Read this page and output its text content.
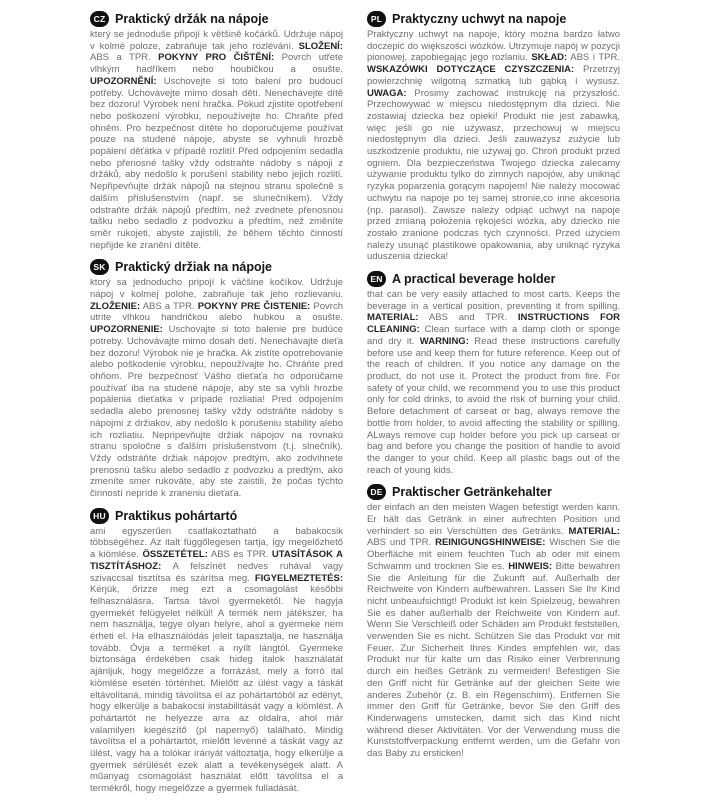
CZ Praktický držák na nápoje

který se jednoduše připojí k většině kočárků. Udržuje nápoj v kolmé poloze, zabraňuje tak jeho rozlévání. SLOŽENÍ: ABS a TPR. POKYNY PRO ČIŠTĚNÍ: Povrch utřete vlhkým hadříkem nebo houbičkou a osušte. UPOZORNĚNÍ: Uschovejte si toto balení pro budoucí potřeby. Uchovávejte mimo dosah dětí. Nenechávejte dítě bez dozoru! Výrobek není hračka. Pokud zjistíte opotřebení nebo poškození výrobku, nepoužívejte ho. Chraňte před ohněm. Pro bezpečnost dítěte ho doporučujeme používat pouze na studené nápoje, abyste se vyhnuli hrozbě popálení děťátka v případě rozlití! Před odpojením sedadla nebo přenosné tašky vždy odstraňte nádoby s nápoji z držáků, aby nedošlo k porušení stability nebo jejich rozlití. Nepřipevňujte držák nápojů na stejnou stranu společně s dalším příslušenstvím (např. se slunečníkem). Vždy odstraňte držák nápojů předtím, než zvednete přenosnou tašku nebo sedadlo z podvozku a předtím, než změníte směr rukojeti, abyste zajistili, že během těchto činností nepřijde ke zranění dítěte.

SK Praktický držiak na nápoje

ktorý sa jednoducho pripojí k väčšine kočíkov. Udržuje nápoj v kolmej polohe, zabraňuje tak jeho rozlievaniu. ZLOŽENIE: ABS a TPR. POKYNY PRE ČISTENIE: Povrch utrite vlhkou handričkou alebo hubkou a osušte. UPOZORNENIE: Uschovajte si toto balenie pre budúce potreby. Uchovávajte mimo dosah detí. Nenechávajte dieťa bez dozoru! Výrobok nie je hračka. Ak zistíte opotrebovanie alebo poškodenie výrobku, nepoužívajte ho. Chráňte pred ohňom. Pre bezpečnosť Vášho dieťaťa ho odporúčame používať iba na studené nápoje, aby ste sa vyhli hrozbe popálenia dieťatka v prípade rozliatia! Pred odpojením sedadla alebo prenosnej tašky vždy odstráňte nádoby s nápojmi z držiakov, aby nedošlo k porušeniu stability alebo ich rozliatiu. Nepripevňujte držiak nápojov na rovnakú stranu spoločne s ďalším príslušenstvom (t.j. slnečník). Vždy odstráňte držiak nápojov predtým, ako zodvihnete prenosnú tašku alebo sedadlo z podvozku a predtým, ako zmeníte smer rukoväte, aby ste zaistili, že počas týchto činností nepríde k zraneniu dieťaťa.

HU Praktikus pohártartó

ami egyszerűen csatlakoztatható a babakocsik többségéhez. Az italt függőlegesen tartja, így megelőzhető a kiömlése. ÖSSZETÉTEL: ABS és TPR. UTASÍTÁSOK A TISZTÍTÁSHOZ: A felszínét nedves ruhával vagy szivaccsal tisztítsa és szárítsa meg. FIGYELMEZTETÉS: Kérjük, őrizze meg ezt a csomagolást későbbi felhasználásra. Tartsa távol gyermekétől. Ne hagyja gyermekét felügyelet nélkül! A termék nem játékszer, ha nem használja, tegye olyan helyre, ahol a gyermeke nem érheti el. Ha elhasználódás jeleit tapasztalja, ne használja tovább. Óvja a terméket a nyílt lángtól. Gyermeke biztonsága érdekében csak hideg italok használatát ajánljuk, hogy megelőzze a forrázást, mely a forró ital kiömlése esetén történhet. Mielőtt az ülést vagy a táskát eltávolítaná, mindig távolítsa el az pohártartóból az edényt, hogy elkerülje a babakocsi instabilitását vagy a kiömlést. A pohártartót ne helyezze arra az oldalra, ahol már valamilyen kiegészítő (pl napernyő) található. Mindig távolítsa el a pohártartót, mielőtt levenné a táskát vagy az ülést, vagy ha a tolókar irányát változtatja, hogy elkerülje a gyermek sérülését ezek alatt a tevékenységek alatt. A műanyag csomagolást használat előtt távolítsa el a termékről, hogy megelőzze a gyermek fulladását.

PL Praktyczny uchwyt na napoje

Praktyczny uchwyt na napoje, który można bardzo łatwo doczepić do większości wózków. Utrzymuje napój w pozycji pionowej, zapobiegając jego rozlaniu. SKŁAD: ABS i TPR. WSKAZÓWKI DOTYCZĄCE CZYSZCZENIA: Przetrzyj powierzchnię wilgotną szmatką lub gąbką i wysusz. UWAGA: Prosimy zachować instrukcję na przyszłość. Przechowywać w miejscu niedostępnym dla dzieci. Nie zostawiaj dziecka bez opieki! Produkt nie jest zabawką, więc jeśli go nie używasz, przechowuj w miejscu niedostępnym dla dzieci. Jeśli zauważysz zużycie lub uszkodzenie produktu, nie używaj go. Chroń produkt przed ogniem. Dla bezpieczeństwa Twojego dziecka zalecamy używanie produktu tylko do zimnych napojów, aby uniknąć ryzyka poparzenia gorącym napojem! Nie należy mocować uchwytu na napoje po tej samej stronie,co inne akcesoria (np. parasol). Zawsze należy odpiąć uchwyt na napoje przed zmianą położenia rękojeści wózka, aby dziecko nie zostało zranione podczas tych czynności. Przed użyciem należy usunąć plastikowe opakowania, aby uniknąć ryzyka uduszenia dziecka!

EN A practical beverage holder

that can be very easily attached to most carts. Keeps the beverage in a vertical position, preventing it from spilling. MATERIAL: ABS and TPR. INSTRUCTIONS FOR CLEANING: Clean surface with a damp cloth or sponge and dry it. WARNING: Read these instructions carefully before use and keep them for future reference. Keep out of the reach of children. If you notice any damage on the product, do not use it. Protect the product from fire. For safety of your child, we recommend you to use this product only for cold drinks, to avoid the risk of burning your child. Before detachment of carseat or bag, always remove the bottle from holder, to avoid affecting the stability or spilling. ALways remove cup holder before you pick up carseat or bag and before you change the position of handle to avoid the danger to your child. Keep all plastic bags out of the reach of young kids.

DE Praktischer Getränkehalter

der einfach an den meisten Wagen befestigt werden kann. Er hält das Getränk in einer aufrechten Position und verhindert so ein Verschütten des Getränks. MATERIAL: ABS und TPR. REINIGUNGSHINWEISE: Wischen Sie die Oberfläche mit einem feuchten Tuch ab oder mit einem Schwamm und trocknen Sie es. HINWEIS: Bitte bewahren Sie die Anleitung für die Zukunft auf. Außerhalb der Reichweite von Kindern aufbewahren. Lassen Sie Ihr Kind nicht unbeaufsichtigt! Produkt ist kein Spielzeug, bewahren Sie es daher außerhalb der Reichweite von Kindern auf. Wenn Sie Verschleiß oder Schäden am Produkt feststellen, verwenden Sie es nicht. Schützen Sie das Produkt vor mit Feuer. Zur Sicherheit Ihres Kindes empfehlen wir, das Produkt nur für kalte um das Risiko einer Verbrennung durch ein heißes Getränk zu vermeiden! Befestigen Sie den Griff nicht für Getränke auf der gleichen Seite wie anderes Zubehör (z. B. ein Regenschirm). Entfernen Sie immer den Griff für Getränke, bevor Sie den Griff des Kinderwagens umstecken, damit sich das Kind nicht während dieser Aktivitäten. Vor der Verwendung muss die Kunststoffverpackung entfernt werden, um die Gefahr von das Baby zu ersticken!
